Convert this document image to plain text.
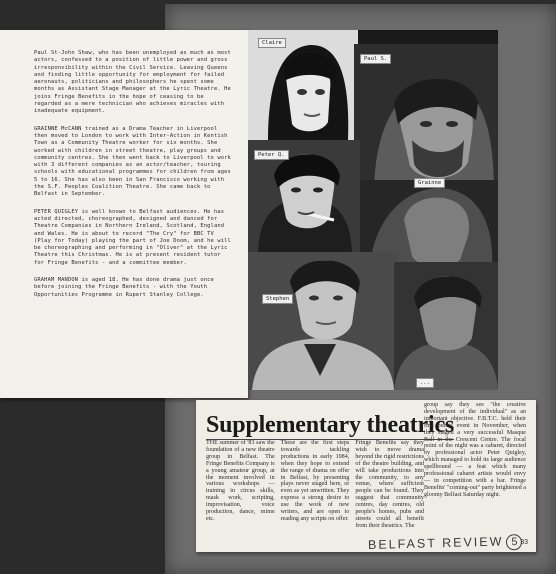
Paul St-John Shaw, who has been unemployed as much as most actors, confessed to a position of little power and gross irresponsibility within the Civil Service. Leaving Queens and finding little opportunity for employment for failed aeronauts, politicians and philosophers he spent some months as Assistant Stage Manager at the Lyric Theatre. He joins Fringe Benefits in the hope of ceasing to be regarded as a mere technician who achieves miracles with inadequate equipment.

GRAINNE McCANN trained as a Drama Teacher in Liverpool then moved to London to work with Inter-Action in Kentish Town as a Community Theatre worker for six months. She worked with children in street theatre, play groups and community centres. She then went back to Liverpool to work with 3 different companies as an actor/teacher, touring schools with educational programmes for children from ages 5 to 16. She has also been in San Francisco working with the S.F. Peoples Coalition Theatre. She came back to Belfast in September.

PETER QUIGLEY is well known to Belfast audiences. He has acted directed, choreographed, designed and danced for Theatre Companies in Northern Ireland, Scotland, England and Wales. He is about to record "The Cry" for BBC TV (Play for Today) playing the part of Joe Doom, and he will be choreographing and performing in "Oliver" at the Lyric Theatre this Christmas. He is at present resident tutor for Fringe Benefits - and a committee member.

GRAHAM MANDON is aged 18. He has done drama just once before joining the Fringe Benefits - with the Youth Opportunities Programme in Rupert Stanley College.

Claire
Paul S.
Peter Q.
Grainne
Stephen
...
Supplementary theatrics

THE summer of '83 saw the foundation of a new theatre group in Belfast. The Fringe Benefits Company is a young amateur group, at the moment involved in various workshops — training in circus skills, mask work, scripting, improvisation, voice production, dance, mime etc.

These are the first steps towards tackling productions in early 1984, when they hope to extend the range of drama on offer in Belfast, by presenting plays never staged here, or even as yet unwritten. They express a strong desire to use the work of new writers, and are open to reading any scripts on offer.

Fringe Benefits say they wish to move drama beyond the rigid restrictions of the theatre building, and will take productions into the community, to any venue, where sufficient people can be found. They suggest that community centres, day centres, old people's homes, pubs and streets could all benefit from their theatrics. The

group say they see "the creative development of the individual" as an important objective. F.B.T.C. held their first public event in November, when they staged a very successful Masque Ball in the Crescent Centre. The focal point of the night was a cabaret, directed by professional actor Peter Quigley, which managed to hold its large audience spellbound — a feat which many professional cabaret artists would envy — in competition with a bar. Fringe Benefits' "coming-out" party brightened a gloomy Belfast Saturday night.
33
BELFAST REVIEW 5
